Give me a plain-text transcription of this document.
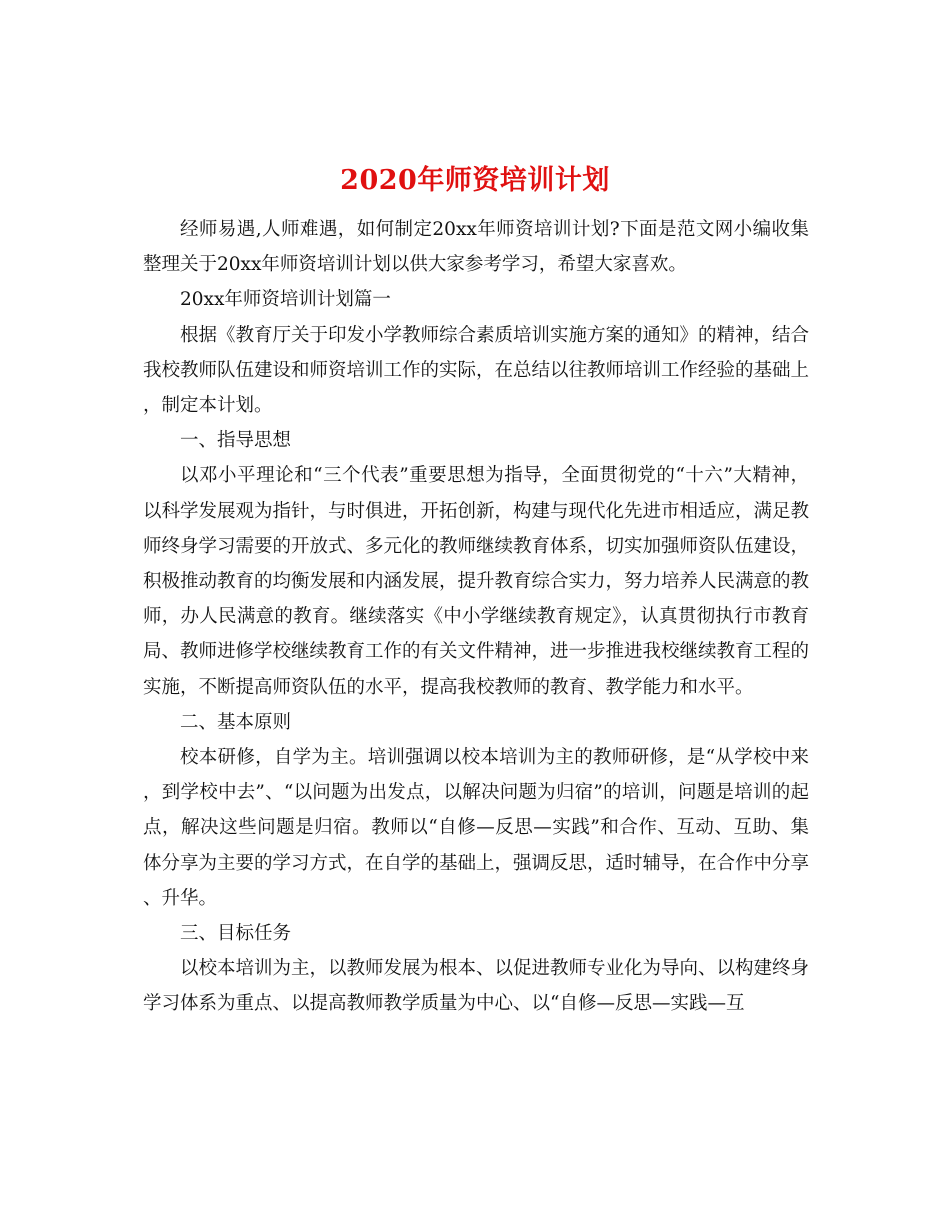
2020年师资培训计划

经师易遇,人师难遇，如何制定20xx年师资培训计划?下面是范文网小编收集整理关于20xx年师资培训计划以供大家参考学习，希望大家喜欢。

20xx年师资培训计划篇一

根据《教育厅关于印发小学教师综合素质培训实施方案的通知》的精神，结合我校教师队伍建设和师资培训工作的实际，在总结以往教师培训工作经验的基础上，制定本计划。

一、指导思想

以邓小平理论和“三个代表”重要思想为指导，全面贯彻党的“十六”大精神，以科学发展观为指针，与时俱进，开拓创新，构建与现代化先进市相适应，满足教师终身学习需要的开放式、多元化的教师继续教育体系，切实加强师资队伍建设，积极推动教育的均衡发展和内涵发展，提升教育综合实力，努力培养人民满意的教师，办人民满意的教育。继续落实《中小学继续教育规定》，认真贯彻执行市教育局、教师进修学校继续教育工作的有关文件精神，进一步推进我校继续教育工程的实施，不断提高师资队伍的水平，提高我校教师的教育、教学能力和水平。

二、基本原则

校本研修，自学为主。培训强调以校本培训为主的教师研修，是“从学校中来，到学校中去”、“以问题为出发点，以解决问题为归宿”的培训，问题是培训的起点，解决这些问题是归宿。教师以“自修—反思—实践”和合作、互动、互助、集体分享为主要的学习方式，在自学的基础上，强调反思，适时辅导，在合作中分享、升华。

三、目标任务

以校本培训为主，以教师发展为根本、以促进教师专业化为导向、以构建终身学习体系为重点、以提高教师教学质量为中心、以“自修—反思—实践—互
